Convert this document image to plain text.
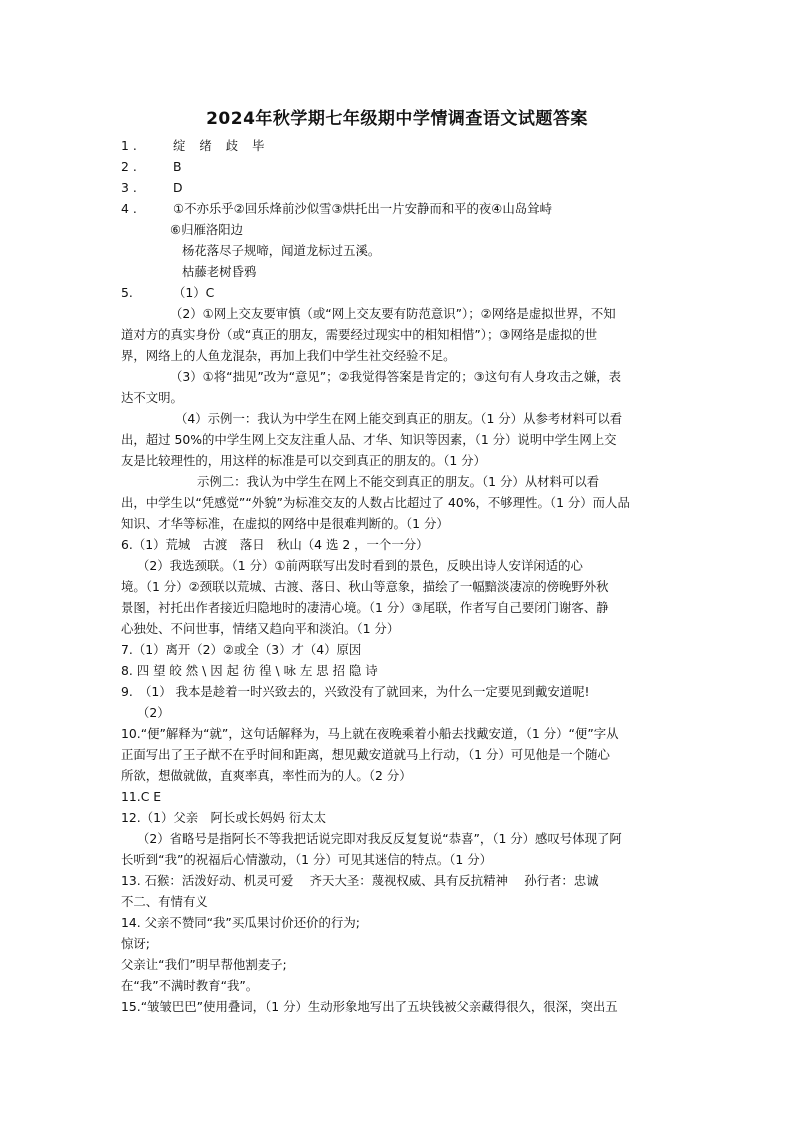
2024年秋学期七年级期中学情调查语文试题答案
1 .	绽 绪 歧 毕
2 .	B
3 .	D
4 .	①不亦乐乎②回乐烽前沙似雪③烘托出一片安静而和平的夜④山岛耸峙
⑥归雁洛阳边
杨花落尽子规啼，闻道龙标过五溪。
枯藤老树昏鸦
5.	（1）C
（2）①网上交友要审慎（或“网上交友要有防范意识”）；②网络是虚拟世界，不知
道对方的真实身份（或“真正的朋友，需要经过现实中的相知相惜”）；③网络是虚拟的世
界，网络上的人鱼龙混杂，再加上我们中学生社交经验不足。
（3）①将“拙见”改为“意见”；②我觉得答案是肯定的；③这句有人身攻击之嫌，表
达不文明。
（4）示例一：我认为中学生在网上能交到真正的朋友。（1 分）从参考材料可以看
出，超过 50%的中学生网上交友注重人品、才华、知识等因素，（1 分）说明中学生网上交
友是比较理性的，用这样的标准是可以交到真正的朋友的。（1 分）
示例二：我认为中学生在网上不能交到真正的朋友。（1 分）从材料可以看
出，中学生以“凭感觉”“外貌”为标准交友的人数占比超过了 40%，不够理性。（1 分）而人品
知识、才华等标准，在虚拟的网络中是很难判断的。（1 分）
6.（1）荒城　古渡　落日　秋山（4 选 2 ，一个一分）
（2）我选颈联。（1 分）①前两联写出发时看到的景色，反映出诗人安详闲适的心
境。（1 分）②颈联以荒城、古渡、落日、秋山等意象，描绘了一幅黯淡凄凉的傍晚野外秋
景图，衬托出作者接近归隐地时的凄清心境。（1 分）③尾联，作者写自己要闭门谢客、静
心独处、不问世事，情绪又趋向平和淡泊。（1 分）
7.（1）离开（2）②或全（3）才（4）原因
8. 四 望 皎 然 \ 因 起 彷 徨 \ 咏 左 思 招 隐 诗
9.　（1） 我本是趁着一时兴致去的，兴致没有了就回来，为什么一定要见到戴安道呢!
（2）
10.“便”解释为“就”，这句话解释为，马上就在夜晚乘着小船去找戴安道，（1 分）“便”字从
正面写出了王子猷不在乎时间和距离，想见戴安道就马上行动，（1 分）可见他是一个随心
所欲，想做就做，直爽率真，率性而为的人。（2 分）
11.C E
12.（1）父亲　阿长或长妈妈 衍太太
（2）省略号是指阿长不等我把话说完即对我反反复复说“恭喜”，（1 分）感叹号体现了阿
长听到“我”的祝福后心情激动，（1 分）可见其迷信的特点。（1 分）
13. 石猴：活泼好动、机灵可爱　 齐天大圣：蔑视权威、具有反抗精神　 孙行者：忠诚
不二、有情有义
14. 父亲不赞同“我”买瓜果讨价还价的行为;
惊讶;
父亲让“我们”明早帮他割麦子;
在“我”不满时教育“我”。
15.“皱皱巴巴”使用叠词，（1 分）生动形象地写出了五块钱被父亲藏得很久，很深，突出五
